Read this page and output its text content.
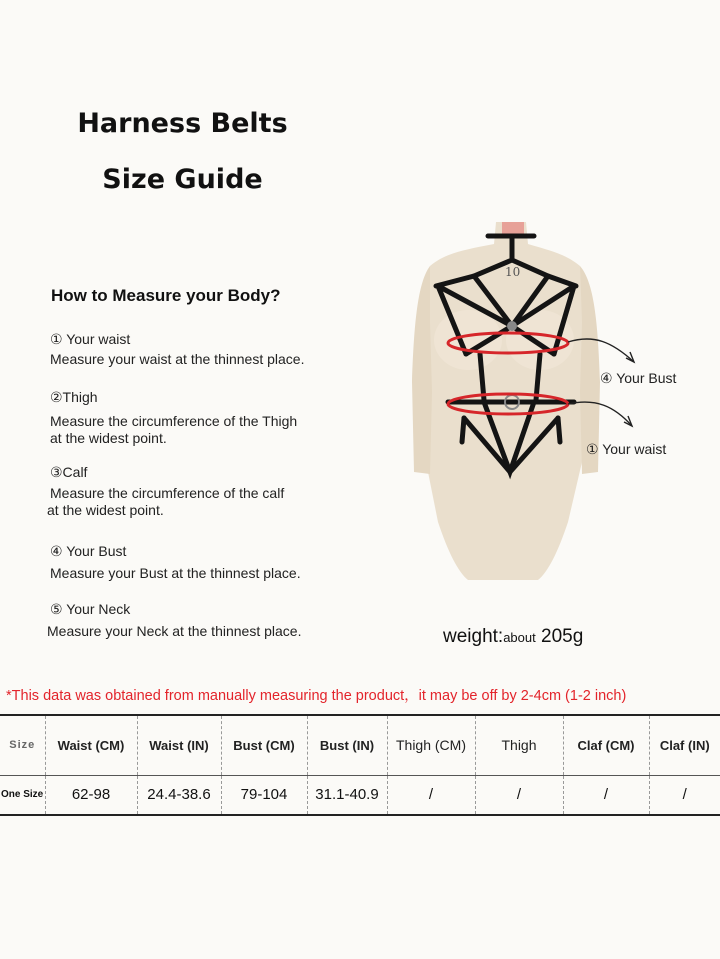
Harness Belts
Size Guide
How to Measure your Body?
① Your waist
Measure your waist at the thinnest place.
②Thigh
Measure the circumference of the Thigh
at the widest point.
③Calf
Measure the circumference of the calf
at the widest point.
④ Your Bust
Measure your Bust at the thinnest place.
⑤ Your Neck
Measure your Neck at the thinnest place.
10
④ Your Bust
① Your waist
weight:about 205g
*This data was obtained from manually measuring the product，it may be off by 2-4cm (1-2 inch)
Size	Waist (CM)	Waist (IN)	Bust (CM)	Bust (IN)	Thigh (CM)	Thigh	Claf (CM)	Claf (IN)
One Size	62-98	24.4-38.6	79-104	31.1-40.9	/	/	/	/
